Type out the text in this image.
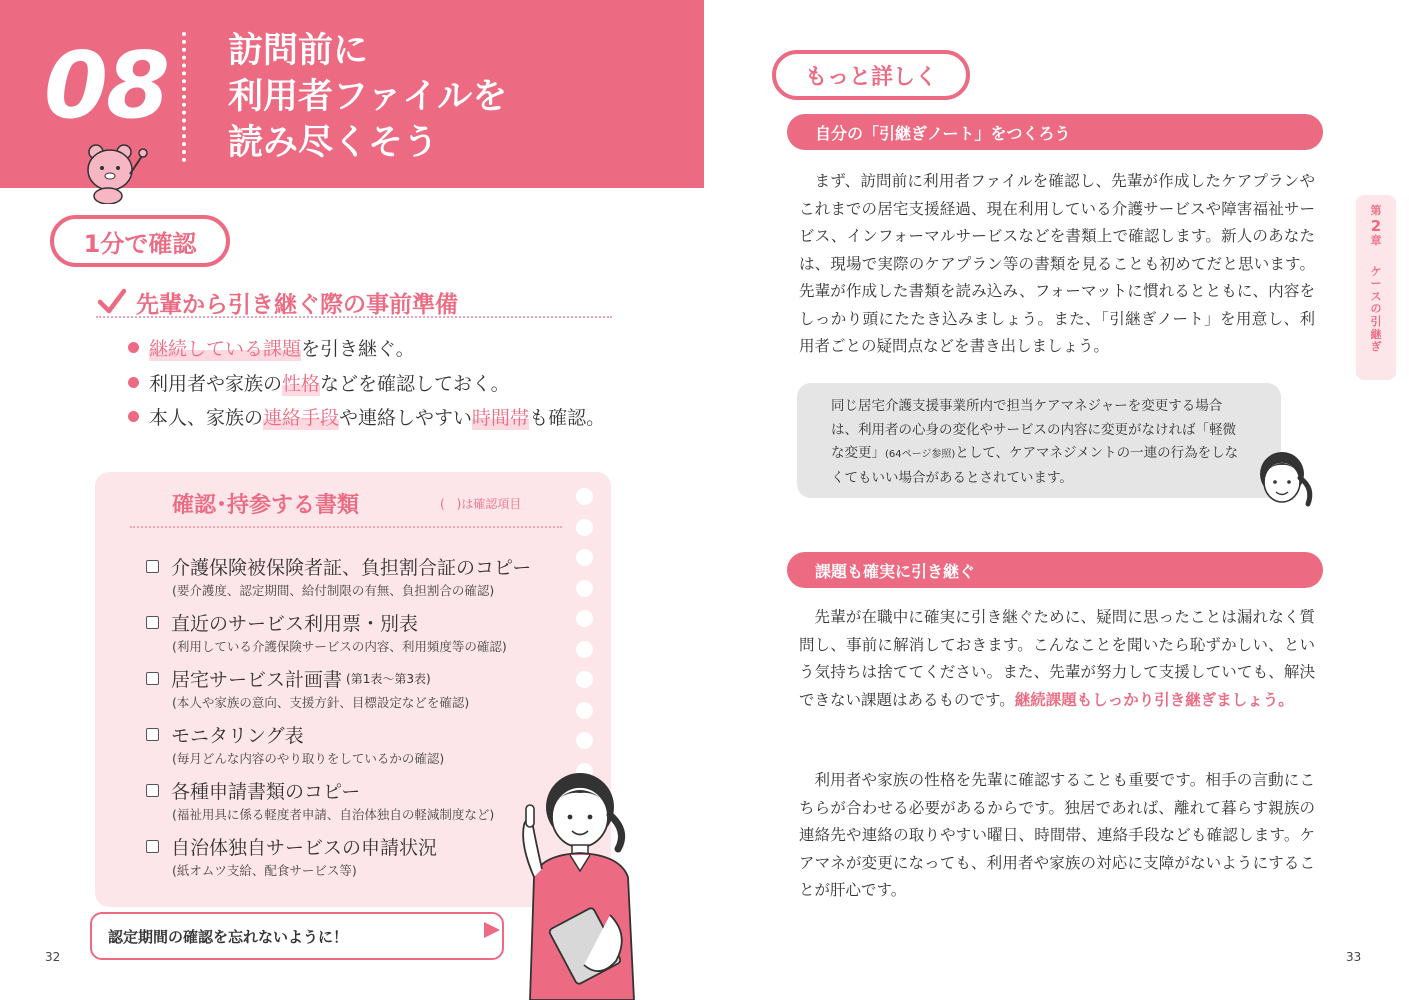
08 訪問前に
利用者ファイルを
読み尽くそう
1分で確認
先輩から引き継ぐ際の事前準備
継続している課題 を引き継ぐ。
利用者や家族の 性格 などを確認しておく。
本人、家族の 連絡手段 や連絡しやすい 時間帯 も確認。
確認･持参する書類	(　)は確認項目
介護保険被保険者証、負担割合証のコピー
(要介護度、認定期間、給付制限の有無、負担割合の確認)
直近のサービス利用票・別表
(利用している介護保険サービスの内容、利用頻度等の確認)
居宅サービス計画書 (第1表～第3表)
(本人や家族の意向、支援方針、目標設定などを確認)
モニタリング表
(毎月どんな内容のやり取りをしているかの確認)
各種申請書類のコピー
(福祉用具に係る軽度者申請、自治体独自の軽減制度など)
自治体独自サービスの申請状況
(紙オムツ支給、配食サービス等)
認定期間の確認を忘れないように！
32
もっと詳しく
自分の「引継ぎノート」をつくろう

まず、訪問前に利用者ファイルを確認し、先輩が作成したケアプランやこれまでの居宅支援経過、現在利用している介護サービスや障害福祉サービス、インフォーマルサービスなどを書類上で確認します。新人のあなたは、現場で実際のケアプラン等の書類を見ることも初めてだと思います。先輩が作成した書類を読み込み、フォーマットに慣れるとともに、内容をしっかり頭にたたき込みましょう。また、「引継ぎノート」を用意し、利用者ごとの疑問点などを書き出しましょう。

同じ居宅介護支援事業所内で担当ケアマネジャーを変更する場合は、利用者の心身の変化やサービスの内容に変更がなければ「軽微な変更」(64ページ参照)として、ケアマネジメントの一連の行為をしなくてもいい場合があるとされています。
課題も確実に引き継ぐ

先輩が在職中に確実に引き継ぐために、疑問に思ったことは漏れなく質問し、事前に解消しておきます。こんなことを聞いたら恥ずかしい、という気持ちは捨ててください。また、先輩が努力して支援していても、解決できない課題はあるものです。継続課題もしっかり引き継ぎましょう。

利用者や家族の性格を先輩に確認することも重要です。相手の言動にこちらが合わせる必要があるからです。独居であれば、離れて暮らす親族の連絡先や連絡の取りやすい曜日、時間帯、連絡手段なども確認します。ケアマネが変更になっても、利用者や家族の対応に支障がないようにすることが肝心です。

第
2
章
ケ
ー
ス
の
引
継
ぎ
33
